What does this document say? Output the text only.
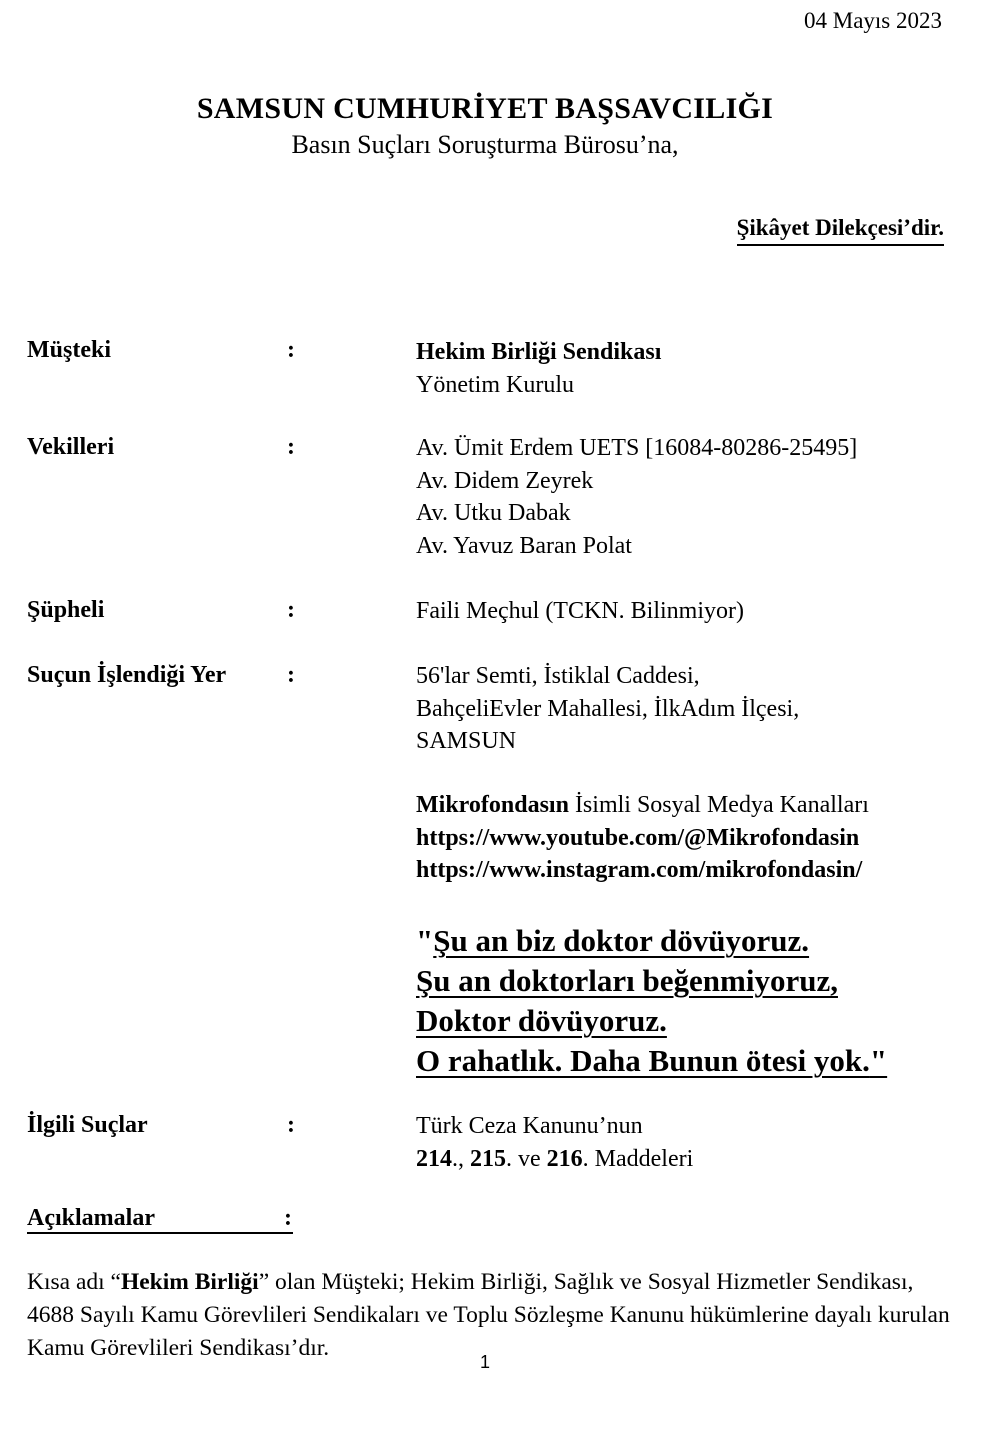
04 Mayıs 2023
SAMSUN CUMHURİYET BAŞSAVCILIĞI
Basın Suçları Soruşturma Bürosu’na,
Şikâyet Dilekçesi’dir.
Müşteki	:	Hekim Birliği Sendikası
Yönetim Kurulu
Vekilleri	:	Av. Ümit Erdem UETS [16084-80286-25495]
Av. Didem Zeyrek
Av. Utku Dabak
Av. Yavuz Baran Polat
Şüpheli	:	Faili Meçhul (TCKN. Bilinmiyor)
Suçun İşlendiği Yer	:	56'lar Semti, İstiklal Caddesi,
BahçeliEvler Mahallesi, İlkAdım İlçesi,
SAMSUN
Mikrofondasın İsimli Sosyal Medya Kanalları
https://www.youtube.com/@Mikrofondasin
https://www.instagram.com/mikrofondasin/
"Şu an biz doktor dövüyoruz.
Şu an doktorları beğenmiyoruz,
Doktor dövüyoruz.
O rahatlık. Daha Bunun ötesi yok."
İlgili Suçlar	:	Türk Ceza Kanunu’nun
214., 215. ve 216. Maddeleri
Açıklamalar	:
Kısa adı “Hekim Birliği” olan Müşteki; Hekim Birliği, Sağlık ve Sosyal Hizmetler Sendikası, 4688 Sayılı Kamu Görevlileri Sendikaları ve Toplu Sözleşme Kanunu hükümlerine dayalı kurulan Kamu Görevlileri Sendikası’dır.
1
